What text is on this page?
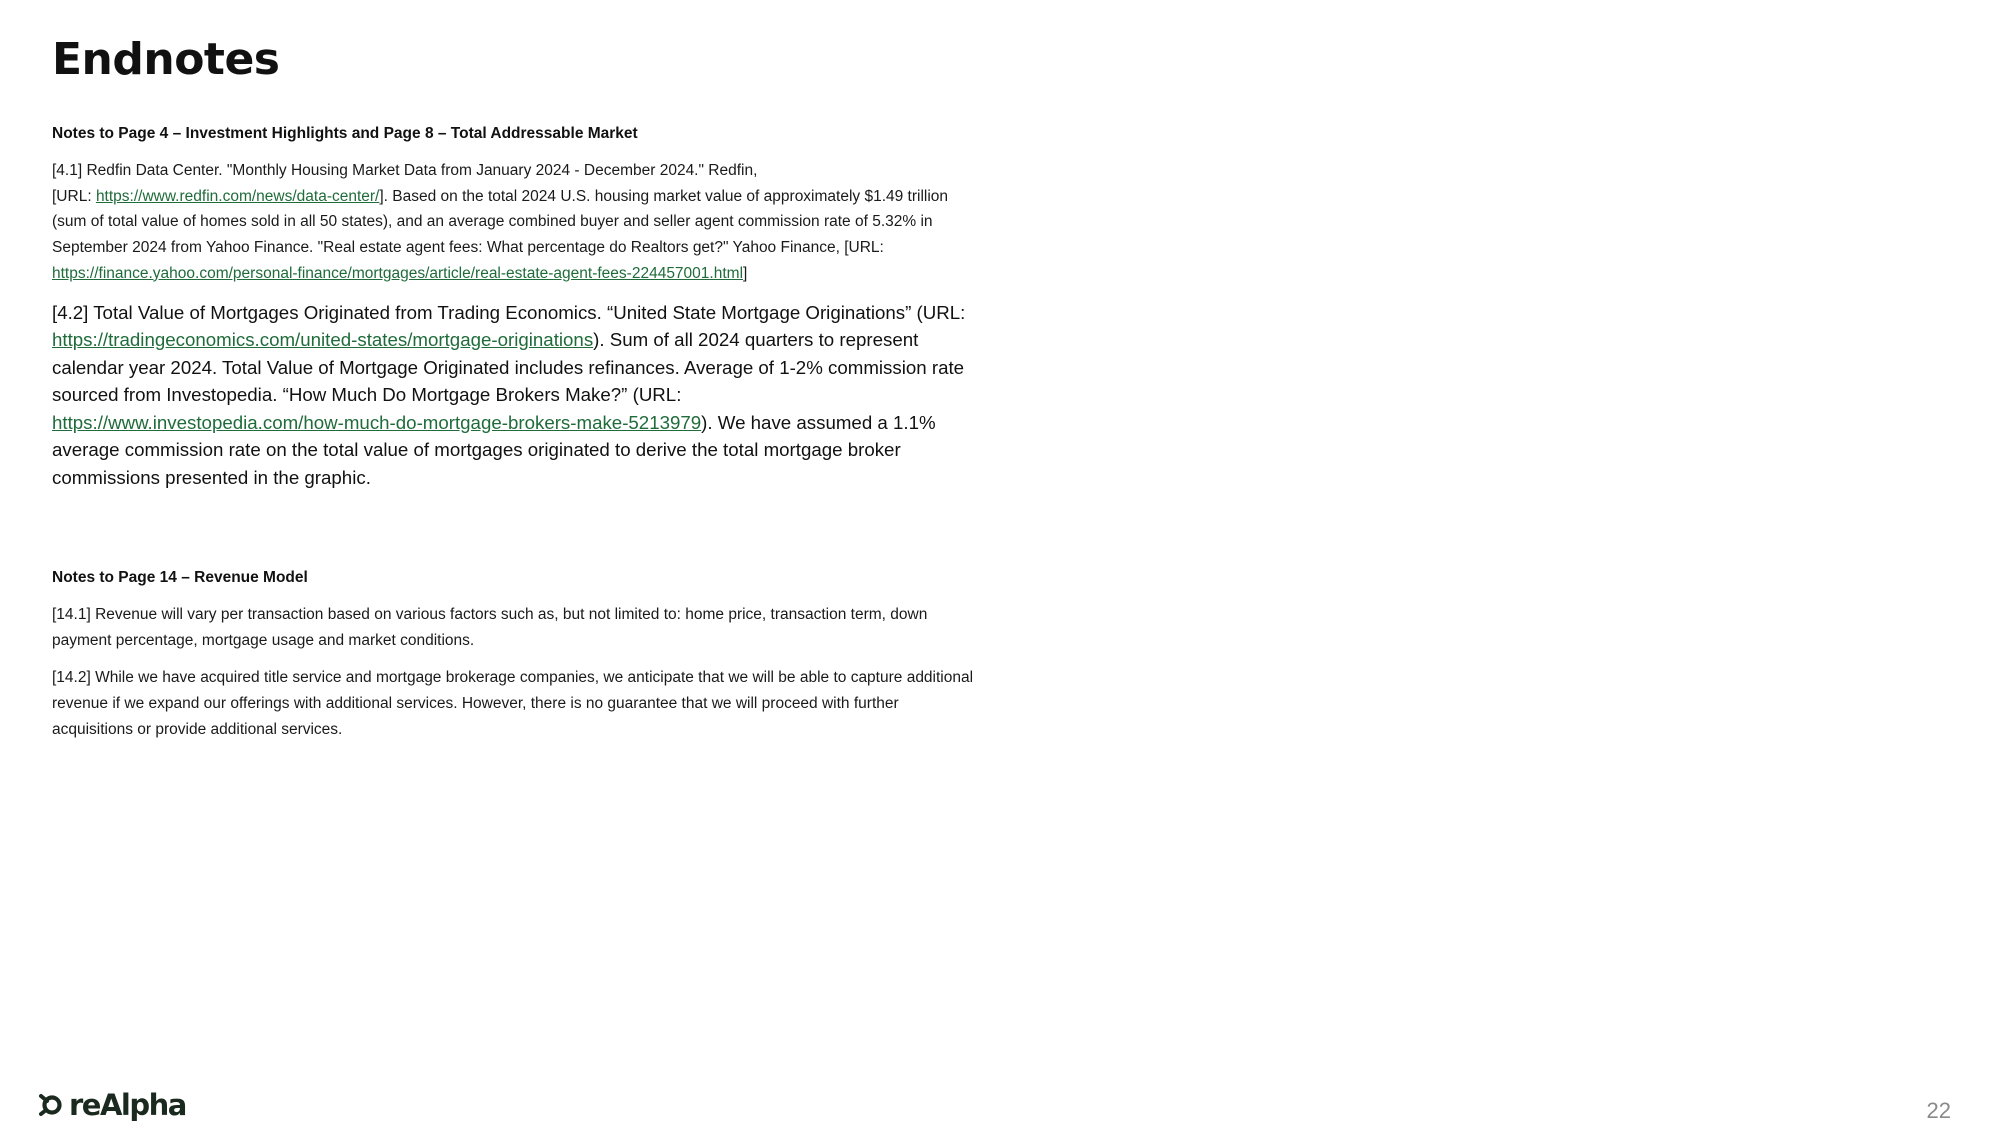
Endnotes
Notes to Page 4 – Investment Highlights and Page 8 – Total Addressable Market

[4.1] Redfin Data Center. "Monthly Housing Market Data from January 2024 - December 2024." Redfin,
[URL: https://www.redfin.com/news/data-center/]. Based on the total 2024 U.S. housing market value of approximately $1.49 trillion (sum of total value of homes sold in all 50 states), and an average combined buyer and seller agent commission rate of 5.32% in September 2024 from Yahoo Finance. "Real estate agent fees: What percentage do Realtors get?" Yahoo Finance, [URL: https://finance.yahoo.com/personal-finance/mortgages/article/real-estate-agent-fees-224457001.html]

[4.2] Total Value of Mortgages Originated from Trading Economics. “United State Mortgage Originations” (URL: https://tradingeconomics.com/united-states/mortgage-originations). Sum of all 2024 quarters to represent calendar year 2024. Total Value of Mortgage Originated includes refinances. Average of 1-2% commission rate sourced from Investopedia. “How Much Do Mortgage Brokers Make?” (URL: https://www.investopedia.com/how-much-do-mortgage-brokers-make-5213979). We have assumed a 1.1% average commission rate on the total value of mortgages originated to derive the total mortgage broker commissions presented in the graphic.

Notes to Page 14 – Revenue Model

[14.1] Revenue will vary per transaction based on various factors such as, but not limited to: home price, transaction term, down payment percentage, mortgage usage and market conditions.

[14.2] While we have acquired title service and mortgage brokerage companies, we anticipate that we will be able to capture additional revenue if we expand our offerings with additional services. However, there is no guarantee that we will proceed with further acquisitions or provide additional services.

reAlpha	22
